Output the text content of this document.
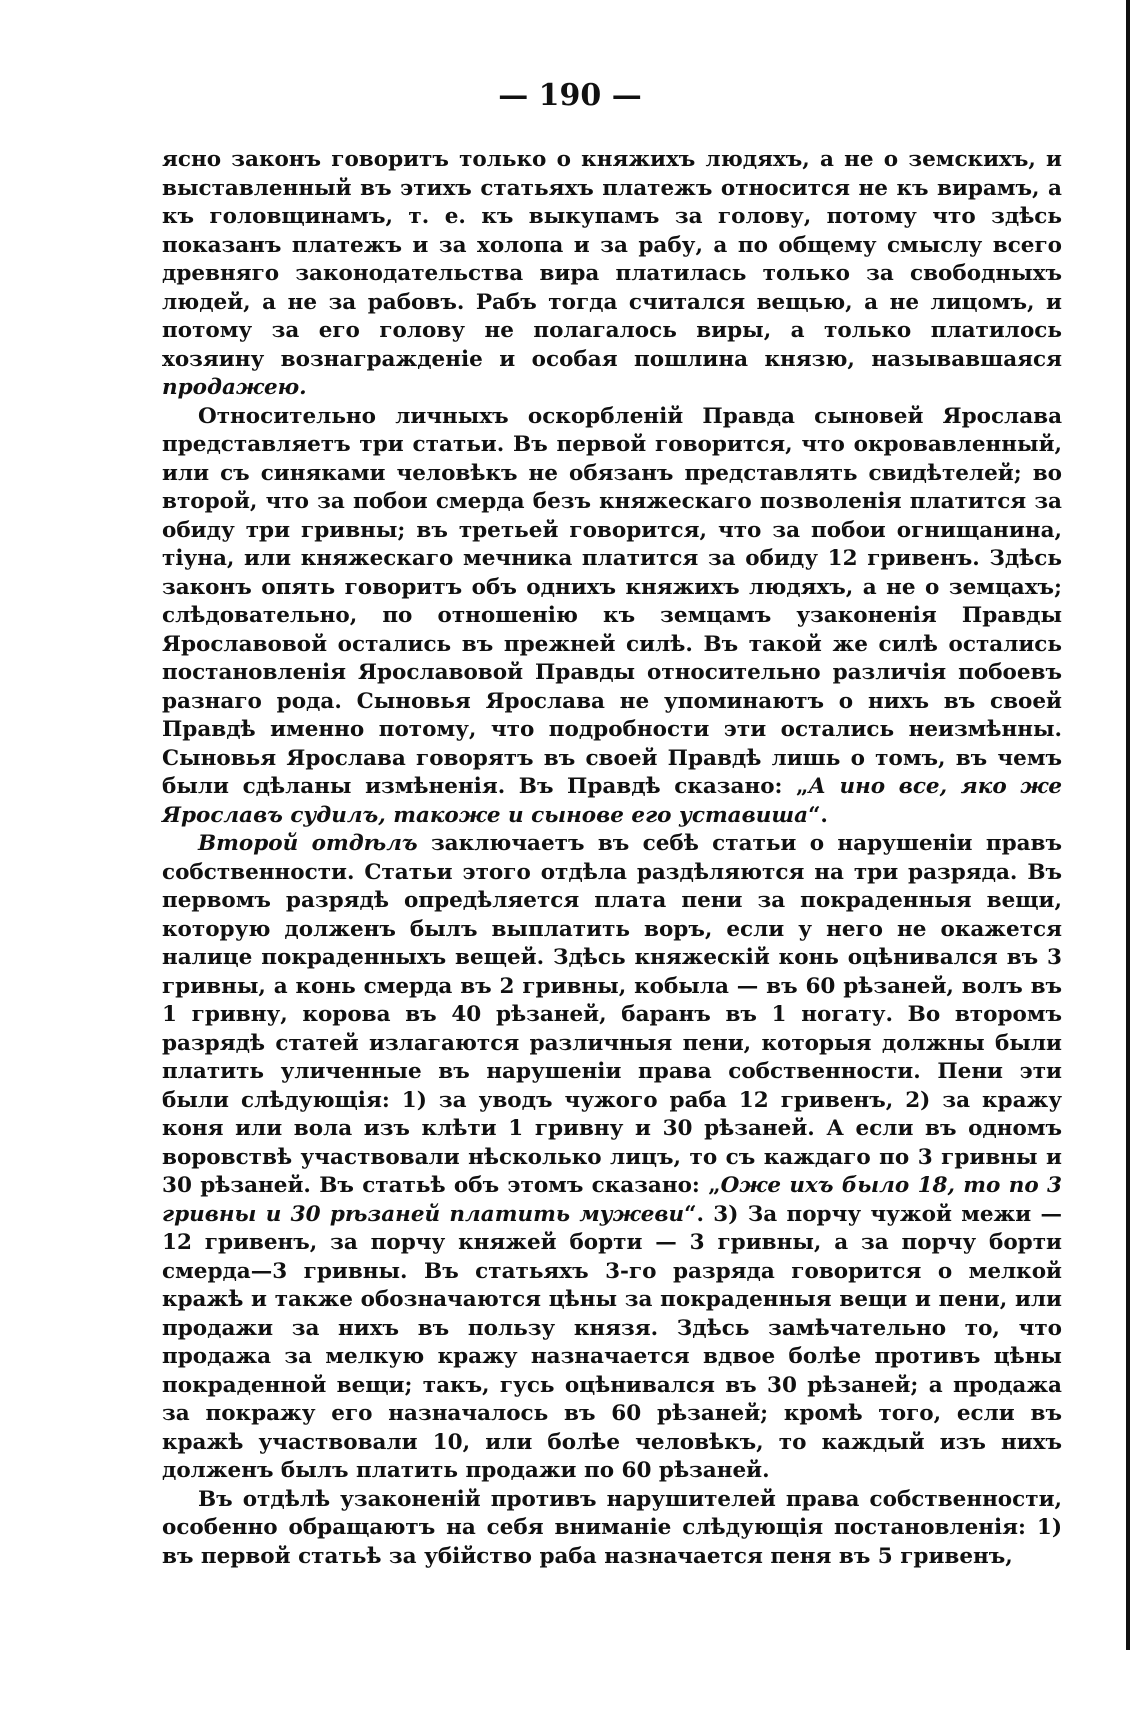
— 190 —

ясно законъ говоритъ только о княжихъ людяхъ, а не о земскихъ, и выставленный въ этихъ статьяхъ платежъ относится не къ вирамъ, а къ головщинамъ, т. е. къ выкупамъ за голову, потому что здѣсь показанъ платежъ и за холопа и за рабу, а по общему смыслу всего древняго законодательства вира платилась только за свободныхъ людей, а не за рабовъ. Рабъ тогда считался вещью, а не лицомъ, и потому за его голову не полагалось виры, а только платилось хозяину вознагражденіе и особая пошлина князю, называвшаяся продажею.

Относительно личныхъ оскорбленій Правда сыновей Ярослава представляетъ три статьи. Въ первой говорится, что окровавленный, или съ синяками человѣкъ не обязанъ представлять свидѣтелей; во второй, что за побои смерда безъ княжескаго позволенія платится за обиду три гривны; въ третьей говорится, что за побои огнищанина, тіуна, или княжескаго мечника платится за обиду 12 гривенъ. Здѣсь законъ опять говоритъ объ однихъ княжихъ людяхъ, а не о земцахъ; слѣдовательно, по отношенію къ земцамъ узаконенія Правды Ярославовой остались въ прежней силѣ. Въ такой же силѣ остались постановленія Ярославовой Правды относительно различія побоевъ разнаго рода. Сыновья Ярослава не упоминаютъ о нихъ въ своей Правдѣ именно потому, что подробности эти остались неизмѣнны. Сыновья Ярослава говорятъ въ своей Правдѣ лишь о томъ, въ чемъ были сдѣланы измѣненія. Въ Правдѣ сказано: „А ино все, яко же Ярославъ судилъ, такоже и сынове его уставиша“.

Второй отдѣлъ заключаетъ въ себѣ статьи о нарушеніи правъ собственности. Статьи этого отдѣла раздѣляются на три разряда. Въ первомъ разрядѣ опредѣляется плата пени за покраденныя вещи, которую долженъ былъ выплатить воръ, если у него не окажется налице покраденныхъ вещей. Здѣсь княжескій конь оцѣнивался въ 3 гривны, а конь смерда въ 2 гривны, кобыла — въ 60 рѣзаней, волъ въ 1 гривну, корова въ 40 рѣзаней, баранъ въ 1 ногату. Во второмъ разрядѣ статей излагаются различныя пени, которыя должны были платить уличенные въ нарушеніи права собственности. Пени эти были слѣдующія: 1) за уводъ чужого раба 12 гривенъ, 2) за кражу коня или вола изъ клѣти 1 гривну и 30 рѣзаней. А если въ одномъ воровствѣ участвовали нѣсколько лицъ, то съ каждаго по 3 гривны и 30 рѣзаней. Въ статьѣ объ этомъ сказано: „Оже ихъ было 18, то по 3 гривны и 30 рѣзаней платить мужеви“. 3) За порчу чужой межи — 12 гривенъ, за порчу княжей борти — 3 гривны, а за порчу борти смерда—3 гривны. Въ статьяхъ 3-го разряда говорится о мелкой кражѣ и также обозначаются цѣны за покраденныя вещи и пени, или продажи за нихъ въ пользу князя. Здѣсь замѣчательно то, что продажа за мелкую кражу назначается вдвое болѣе противъ цѣны покраденной вещи; такъ, гусь оцѣнивался въ 30 рѣзаней; а продажа за покражу его назначалось въ 60 рѣзаней; кромѣ того, если въ кражѣ участвовали 10, или болѣе человѣкъ, то каждый изъ нихъ долженъ былъ платить продажи по 60 рѣзаней.

Въ отдѣлѣ узаконеній противъ нарушителей права собственности, особенно обращаютъ на себя вниманіе слѣдующія постановленія: 1) въ первой статьѣ за убійство раба назначается пеня въ 5 гривенъ,
